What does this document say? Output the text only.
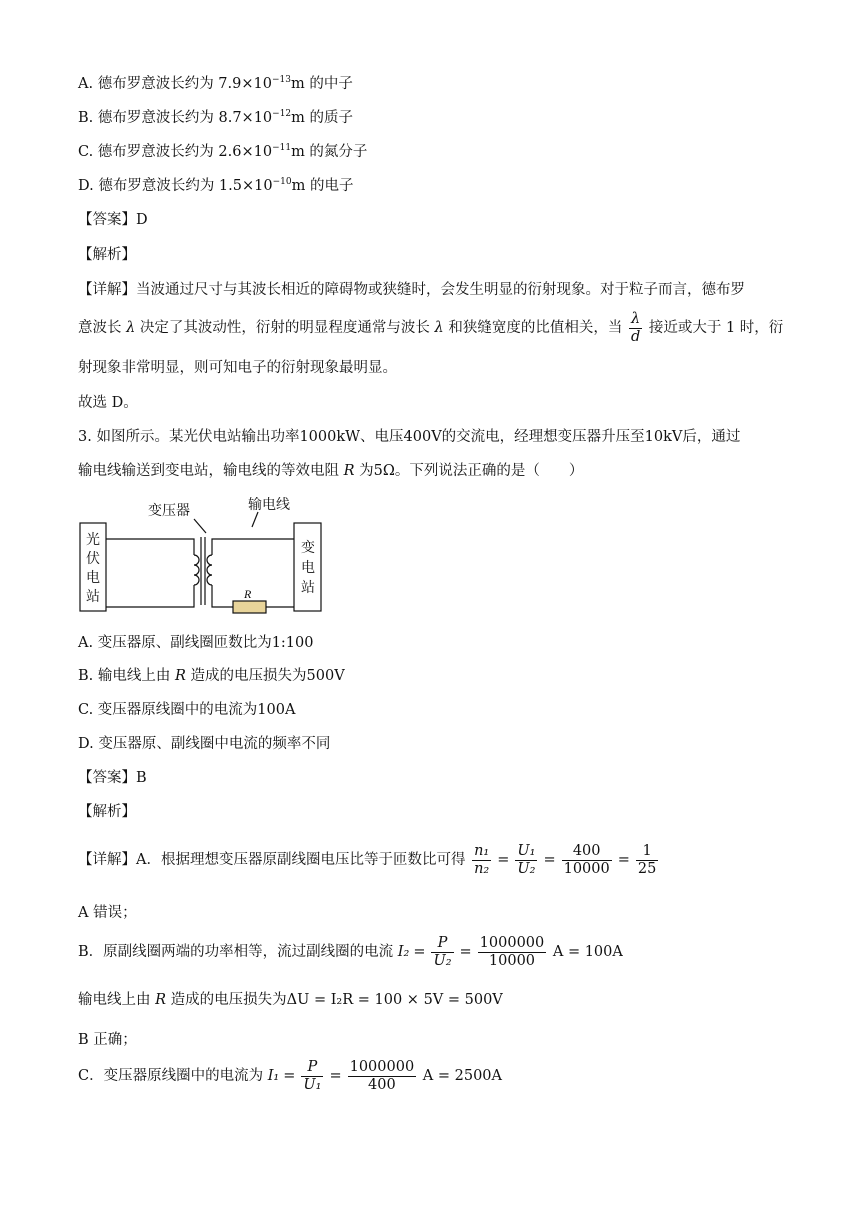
A. 德布罗意波长约为 $7.9\times 10^{-13}m$ 的中子
B. 德布罗意波长约为 $8.7\times 10^{-12}m$ 的质子
C. 德布罗意波长约为 $2.6\times 10^{-11}m$ 的氮分子
D. 德布罗意波长约为 $1.5\times 10^{-10}m$ 的电子
【答案】D
【解析】
【详解】当波通过尺寸与其波长相近的障碍物或狭缝时，会发生明显的衍射现象。对于粒子而言，德布罗
意波长 λ 决定了其波动性，衍射的明显程度通常与波长 λ 和狭缝宽度的比值相关，当 $\frac{\lambda}{d}$ 接近或大于 1 时，衍
射现象非常明显，则可知电子的衍射现象最明显。
故选 D。
3. 如图所示。某光伏电站输出功率1000kW、电压400V的交流电，经理想变压器升压至10kV后，通过
输电线输送到变电站，输电线的等效电阻 R 为5Ω。下列说法正确的是（　　）
变压器	输电线
光
伏
电
站
变
电
站
R
A. 变压器原、副线圈匝数比为1:100
B. 输电线上由 R 造成的电压损失为500V
C. 变压器原线圈中的电流为100A
D. 变压器原、副线圈中电流的频率不同
【答案】B
【解析】
【详解】A．根据理想变压器原副线圈电压比等于匝数比可得 $\frac{\text{n₁}}{\text{n₂}} = \frac{\text{U₁}}{\text{U₂}} = \frac{400}{10000} = \frac{1}{25}$
A 错误；
B．原副线圈两端的功率相等，流过副线圈的电流 $I_2 = \frac{P}{\text{U₂}} = \frac{1000000}{10000}$ A = 100A
输电线上由 R 造成的电压损失为ΔU = I₂R = 100 × 5V = 500V
B 正确；
C．变压器原线圈中的电流为 $I_1 = \frac{P}{\text{U₁}} = \frac{1000000}{400}$ A = 2500A
